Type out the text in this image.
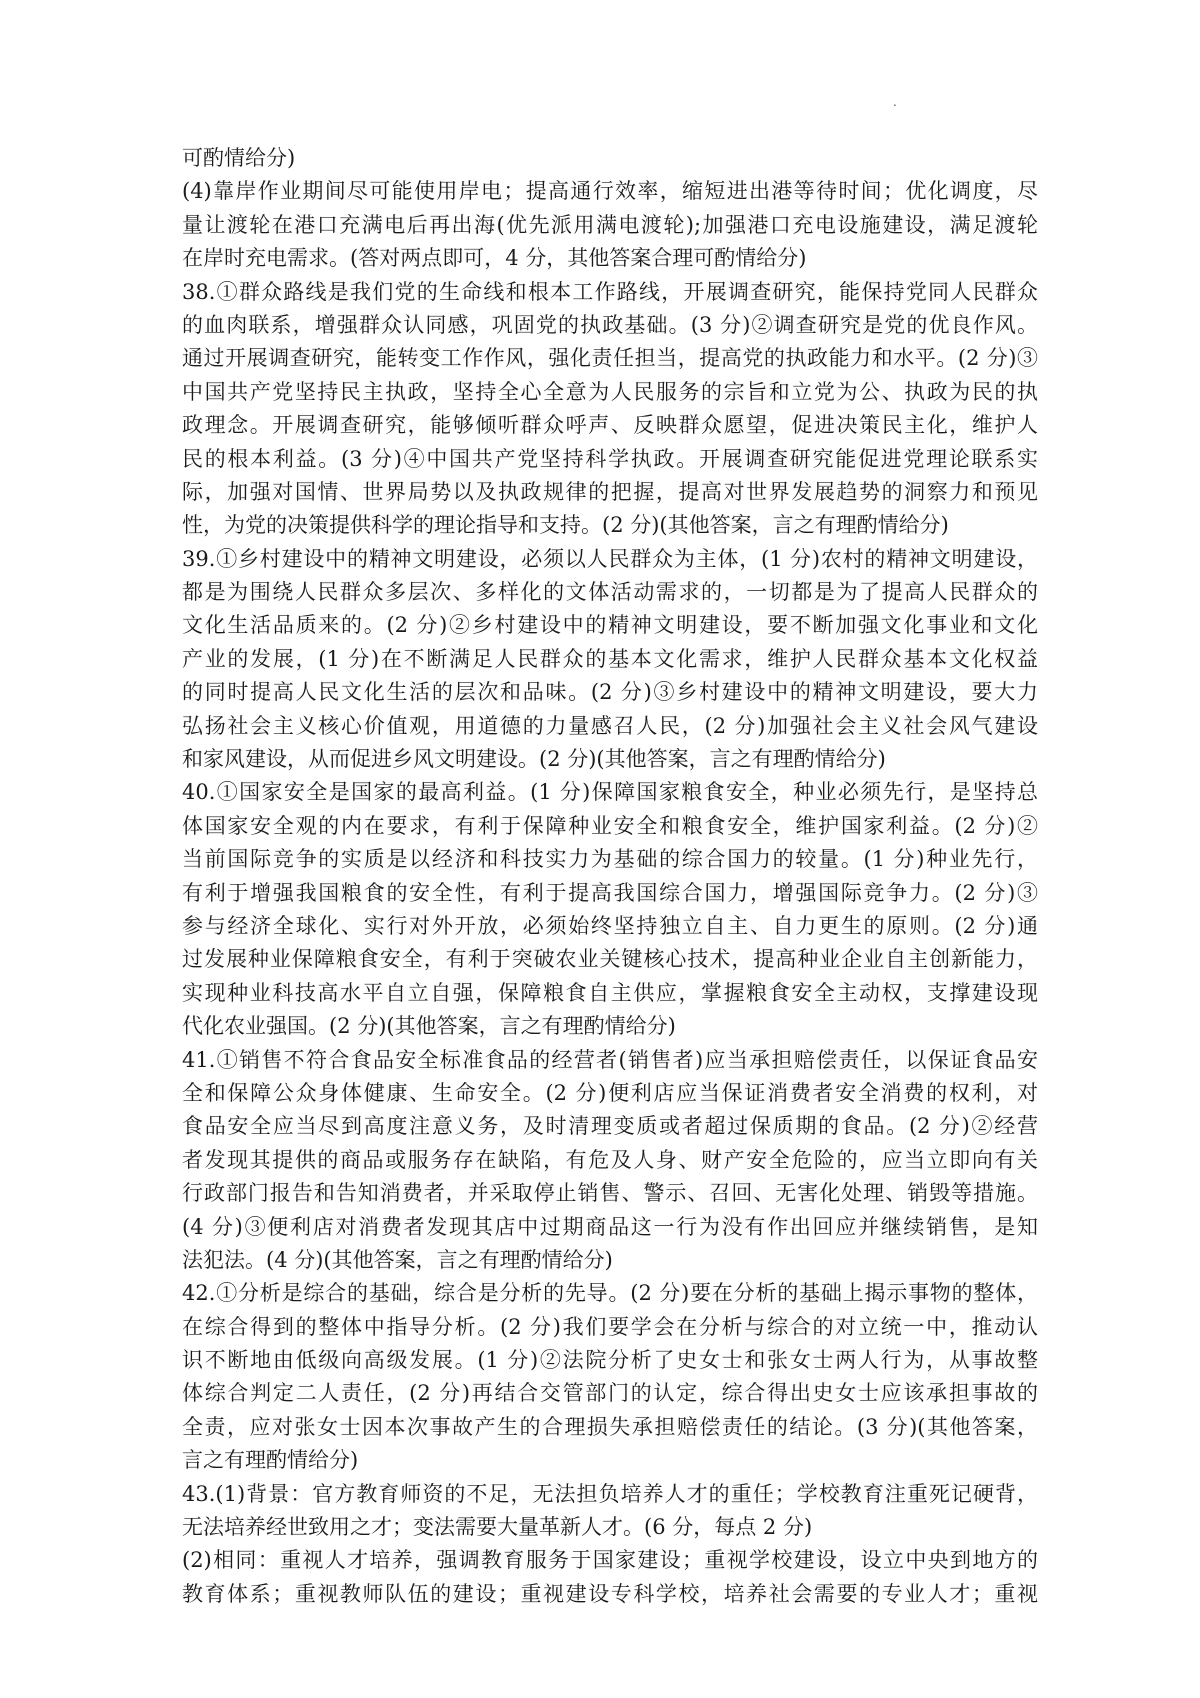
.
可酌情给分)
(4)靠岸作业期间尽可能使用岸电；提高通行效率，缩短进出港等待时间；优化调度，尽
量让渡轮在港口充满电后再出海(优先派用满电渡轮);加强港口充电设施建设，满足渡轮
在岸时充电需求。(答对两点即可，4 分，其他答案合理可酌情给分)
38.①群众路线是我们党的生命线和根本工作路线，开展调查研究，能保持党同人民群众
的血肉联系，增强群众认同感，巩固党的执政基础。(3 分)②调查研究是党的优良作风。
通过开展调查研究，能转变工作作风，强化责任担当，提高党的执政能力和水平。(2 分)③
中国共产党坚持民主执政，坚持全心全意为人民服务的宗旨和立党为公、执政为民的执
政理念。开展调查研究，能够倾听群众呼声、反映群众愿望，促进决策民主化，维护人
民的根本利益。(3 分)④中国共产党坚持科学执政。开展调查研究能促进党理论联系实
际，加强对国情、世界局势以及执政规律的把握，提高对世界发展趋势的洞察力和预见
性，为党的决策提供科学的理论指导和支持。(2 分)(其他答案，言之有理酌情给分)
39.①乡村建设中的精神文明建设，必须以人民群众为主体，(1 分)农村的精神文明建设，
都是为围绕人民群众多层次、多样化的文体活动需求的，一切都是为了提高人民群众的
文化生活品质来的。(2 分)②乡村建设中的精神文明建设，要不断加强文化事业和文化
产业的发展，(1 分)在不断满足人民群众的基本文化需求，维护人民群众基本文化权益
的同时提高人民文化生活的层次和品味。(2 分)③乡村建设中的精神文明建设，要大力
弘扬社会主义核心价值观，用道德的力量感召人民，(2 分)加强社会主义社会风气建设
和家风建设，从而促进乡风文明建设。(2 分)(其他答案，言之有理酌情给分)
40.①国家安全是国家的最高利益。(1 分)保障国家粮食安全，种业必须先行，是坚持总
体国家安全观的内在要求，有利于保障种业安全和粮食安全，维护国家利益。(2 分)②
当前国际竞争的实质是以经济和科技实力为基础的综合国力的较量。(1 分)种业先行，
有利于增强我国粮食的安全性，有利于提高我国综合国力，增强国际竞争力。(2 分)③
参与经济全球化、实行对外开放，必须始终坚持独立自主、自力更生的原则。(2 分)通
过发展种业保障粮食安全，有利于突破农业关键核心技术，提高种业企业自主创新能力，
实现种业科技高水平自立自强，保障粮食自主供应，掌握粮食安全主动权，支撑建设现
代化农业强国。(2 分)(其他答案，言之有理酌情给分)
41.①销售不符合食品安全标准食品的经营者(销售者)应当承担赔偿责任，以保证食品安
全和保障公众身体健康、生命安全。(2 分)便利店应当保证消费者安全消费的权利，对
食品安全应当尽到高度注意义务，及时清理变质或者超过保质期的食品。(2 分)②经营
者发现其提供的商品或服务存在缺陷，有危及人身、财产安全危险的，应当立即向有关
行政部门报告和告知消费者，并采取停止销售、警示、召回、无害化处理、销毁等措施。
(4 分)③便利店对消费者发现其店中过期商品这一行为没有作出回应并继续销售，是知
法犯法。(4 分)(其他答案，言之有理酌情给分)
42.①分析是综合的基础，综合是分析的先导。(2 分)要在分析的基础上揭示事物的整体，
在综合得到的整体中指导分析。(2 分)我们要学会在分析与综合的对立统一中，推动认
识不断地由低级向高级发展。(1 分)②法院分析了史女士和张女士两人行为，从事故整
体综合判定二人责任，(2 分)再结合交管部门的认定，综合得出史女士应该承担事故的
全责，应对张女士因本次事故产生的合理损失承担赔偿责任的结论。(3 分)(其他答案，
言之有理酌情给分)
43.(1)背景：官方教育师资的不足，无法担负培养人才的重任；学校教育注重死记硬背，
无法培养经世致用之才；变法需要大量革新人才。(6 分，每点 2 分)
(2)相同：重视人才培养，强调教育服务于国家建设；重视学校建设，设立中央到地方的
教育体系；重视教师队伍的建设；重视建设专科学校，培养社会需要的专业人才；重视
